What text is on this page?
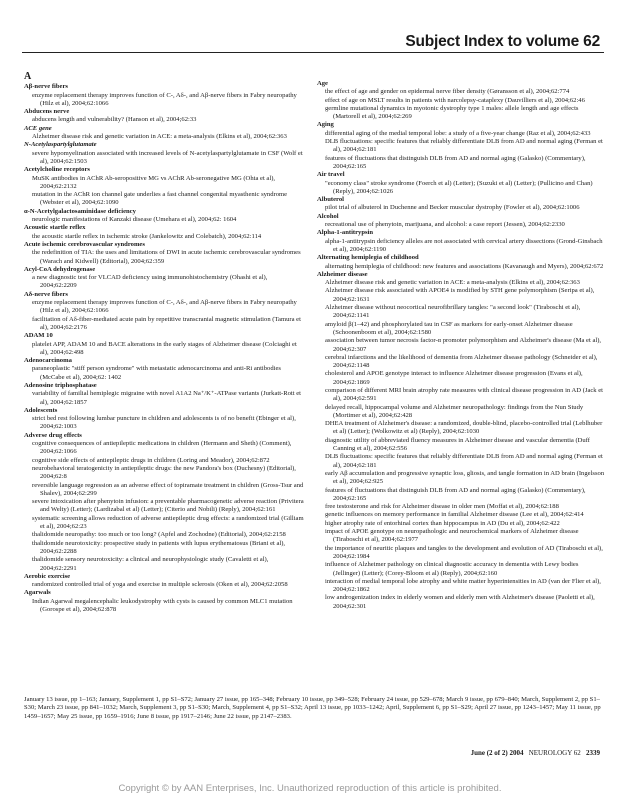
Subject Index to volume 62
A
Aβ-nerve fibers
enzyme replacement therapy improves function of C-, Aδ-, and Aβ-nerve fibers in Fabry neuropathy (Hilz et al), 2004;62:1066
Abducens nerve
abducens length and vulnerability? (Hanson et al), 2004;62:33
ACE gene
Alzheimer disease risk and genetic variation in ACE: a meta-analysis (Elkins et al), 2004;62:363
N-Acetylaspartylglutamate
severe hypomyelination associated with increased levels of N-acetylaspartylglutamate in CSF (Wolf et al), 2004;62:1503
Acetylcholine receptors
MuSK antibodies in AChR Ab-seropositive MG vs AChR Ab-seronegative MG (Ohta et al), 2004;62:2132
mutation in the AChR ion channel gate underlies a fast channel congenital myasthenic syndrome (Webster et al), 2004;62:1090
α-N-Acetylgalactosaminidase deficiency
neurologic manifestations of Kanzaki disease (Umehara et al), 2004;62: 1604
Acoustic startle reflex
the acoustic startle reflex in ischemic stroke (Jankelowitz and Colebatch), 2004;62:114
Acute ischemic cerebrovascular syndromes
the redefinition of TIA: the uses and limitations of DWI in acute ischemic cerebrovascular syndromes (Warach and Kidwell) (Editorial), 2004;62:359
Acyl-CoA dehydrogenase
a new diagnostic test for VLCAD deficiency using immunohistochemistry (Ohashi et al), 2004;62:2209
Aδ-nerve fibers
enzyme replacement therapy improves function of C-, Aδ-, and Aβ-nerve fibers in Fabry neuropathy (Hilz et al), 2004;62:1066
facilitation of Aδ-fiber-mediated acute pain by repetitive transcranial magnetic stimulation (Tamura et al), 2004;62:2176
ADAM 10
platelet APP, ADAM 10 and BACE alterations in the early stages of Alzheimer disease (Colciaghi et al), 2004;62:498
Adenocarcinoma
paraneoplastic "stiff person syndrome" with metastatic adenocarcinoma and anti-Ri antibodies (McCabe et al), 2004;62: 1402
Adenosine triphosphatase
variability of familial hemiplegic migraine with novel A1A2 Na⁺/K⁺-ATPase variants (Jurkatt-Rott et al), 2004;62:1857
Adolescents
strict bed rest following lumbar puncture in children and adolescents is of no benefit (Ebinger et al), 2004;62:1003
Adverse drug effects
cognitive consequences of antiepileptic medications in children (Hermann and Sheth) (Comment), 2004;62:1066
cognitive side effects of antiepileptic drugs in children (Loring and Meador), 2004;62:872
neurobehavioral teratogenicity in antiepileptic drugs: the new Pandora's box (Duchesny) (Editorial), 2004;62:8
reversible language regression as an adverse effect of topiramate treatment in children (Gross-Tsur and Shalev), 2004;62:299
severe intoxication after phenytoin infusion: a preventable pharmacogenetic adverse reaction (Privitera and Welty) (Letter); (Lardizabal et al) (Letter); (Citerio and Nobili) (Reply), 2004;62:161
systematic screening allows reduction of adverse antiepileptic drug effects: a randomized trial (Gilliam et al), 2004;62:23
thalidomide neuropathy: too much or too long? (Apfel and Zochodne) (Editorial), 2004;62:2158
thalidomide neurotoxicity: prospective study in patients with lupus erythematosus (Briani et al), 2004;62:2288
thalidomide sensory neurotoxicity: a clinical and neurophysiologic study (Cavaletti et al), 2004;62:2291
Aerobic exercise
randomized controlled trial of yoga and exercise in multiple sclerosis (Oken et al), 2004;62:2058
Agarwals
Indian Agarwal megalencephalic leukodystrophy with cysts is caused by common MLC1 mutation (Gorospe et al), 2004;62:878
Age
the effect of age and gender on epidermal nerve fiber density (Gøransson et al), 2004;62:774
effect of age on MSLT results in patients with narcolepsy-cataplexy (Dauvilliers et al), 2004;62:46
germline mutational dynamics in myotonic dystrophy type 1 males: allele length and age effects (Martorell et al), 2004;62:269
Aging
differential aging of the medial temporal lobe: a study of a five-year change (Raz et al), 2004;62:433
DLB fluctuations: specific features that reliably differentiate DLB from AD and normal aging (Ferman et al), 2004;62:181
features of fluctuations that distinguish DLB from AD and normal aging (Galasko) (Commentary), 2004;62:165
Air travel
"economy class" stroke syndrome (Foerch et al) (Letter); (Suzuki et al) (Letter); (Pullicino and Chan) (Reply), 2004;62:1026
Albuterol
pilot trial of albuterol in Duchenne and Becker muscular dystrophy (Fowler et al), 2004;62:1006
Alcohol
recreational use of phenytoin, marijuana, and alcohol: a case report (Jessen), 2004;62:2330
Alpha-1-antitrypsin
alpha-1-antitrypsin deficiency alleles are not associated with cervical artery dissections (Grond-Ginsbach et al), 2004;62:1190
Alternating hemiplegia of childhood
alternating hemiplegia of childhood: new features and associations (Kavanaugh and Myers), 2004;62:672
Alzheimer disease
Alzheimer disease risk and genetic variation in ACE: a meta-analysis (Elkins et al), 2004;62:363
Alzheimer disease risk associated with APOE4 is modified by STH gene polymorphism (Seripa et al), 2004;62:1631
Alzheimer disease without neocortical neurofibrillary tangles: "a second look" (Tiraboschi et al), 2004;62:1141
amyloid β(1–42) and phosphorylated tau in CSF as markers for early-onset Alzheimer disease (Schoonenboom et al), 2004;62:1580
association between tumor necrosis factor-α promoter polymorphism and Alzheimer's disease (Ma et al), 2004;62:307
cerebral infarctions and the likelihood of dementia from Alzheimer disease pathology (Schneider et al), 2004;62:1148
cholesterol and APOE genotype interact to influence Alzheimer disease progression (Evans et al), 2004;62:1869
comparison of different MRI brain atrophy rate measures with clinical disease progression in AD (Jack et al), 2004;62:591
delayed recall, hippocampal volume and Alzheimer neuropathology: findings from the Nun Study (Mortimer et al), 2004;62:428
DHEA treatment of Alzheimer's disease: a randomized, double-blind, placebo-controlled trial (Leblhuber et al) (Letter); (Wolkowitz et al) (Reply), 2004;62:1030
diagnostic utility of abbreviated fluency measures in Alzheimer disease and vascular dementia (Duff Canning et al), 2004;62:556
DLB fluctuations: specific features that reliably differentiate DLB from AD and normal aging (Ferman et al), 2004;62:181
early Aβ accumulation and progressive synaptic loss, gliosis, and tangle formation in AD brain (Ingelsson et al), 2004;62:925
features of fluctuations that distinguish DLB from AD and normal aging (Galasko) (Commentary), 2004;62:165
free testosterone and risk for Alzheimer disease in older men (Moffat et al), 2004;62:188
genetic influences on memory performance in familial Alzheimer disease (Lee et al), 2004;62:414
higher atrophy rate of entorhinal cortex than hippocampus in AD (Du et al), 2004;62:422
impact of APOE genotype on neuropathologic and neurochemical markers of Alzheimer disease (Tiraboschi et al), 2004;62:1977
the importance of neuritic plaques and tangles to the development and evolution of AD (Tiraboschi et al), 2004;62:1984
influence of Alzheimer pathology on clinical diagnostic accuracy in dementia with Lewy bodies (Jellinger) (Letter); (Corey-Bloom et al) (Reply), 2004;62:160
interaction of medial temporal lobe atrophy and white matter hyperintensities in AD (van der Flier et al), 2004;62:1862
low androgenization index in elderly women and elderly men with Alzheimer's disease (Paoletti et al), 2004;62:301
January 13 issue, pp 1–163; January, Supplement 1, pp S1–S72; January 27 issue, pp 165–348; February 10 issue, pp 349–528; February 24 issue, pp 529–678; March 9 issue, pp 679–840; March, Supplement 2, pp S1–S30; March 23 issue, pp 841–1032; March, Supplement 3, pp S1–S30; March, Supplement 4, pp S1–S32; April 13 issue, pp 1033–1242; April, Supplement 6, pp S1–S29; April 27 issue, pp 1243–1457; May 11 issue, pp 1459–1657; May 25 issue, pp 1659–1916; June 8 issue, pp 1917–2146; June 22 issue, pp 2147–2383.
June (2 of 2) 2004 NEUROLOGY 62 2339
Copyright © by AAN Enterprises, Inc. Unauthorized reproduction of this article is prohibited.
